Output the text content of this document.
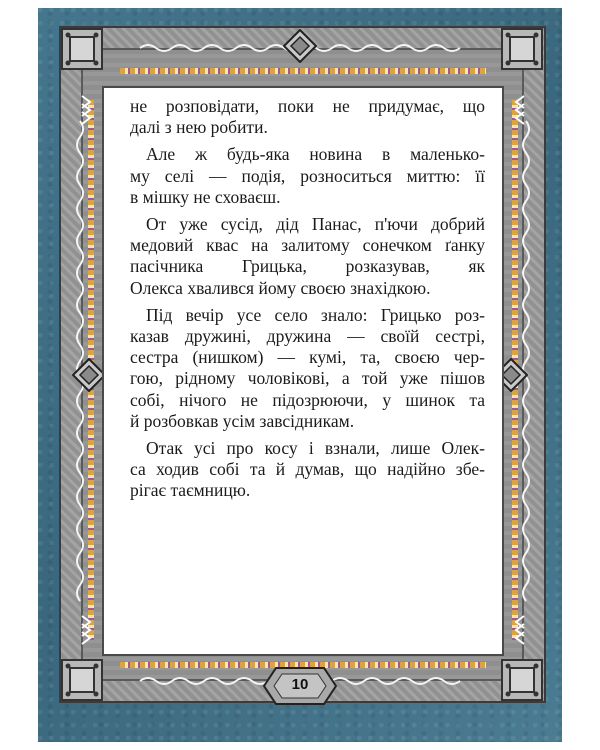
не розповідати, поки не придумає, що
далі з нею робити.

Але ж будь-яка новина в маленько-
му селі — подія, розноситься миттю: її
в мішку не сховаєш.

От уже сусід, дід Панас, п'ючи добрий
медовий квас на залитому сонечком ґанку
пасічника Грицька, розказував, як
Олекса хвалився йому своєю знахідкою.

Під вечір усе село знало: Грицько роз-
казав дружині, дружина — своїй сестрі,
сестра (нишком) — кумі, та, своєю чер-
гою, рідному чоловікові, а той уже пішов
собі, нічого не підозрюючи, у шинок та
й розбовкав усім завсідникам.

Отак усі про косу і взнали, лише Олек-
са ходив собі та й думав, що надійно збе-
рігає таємницю.

10
